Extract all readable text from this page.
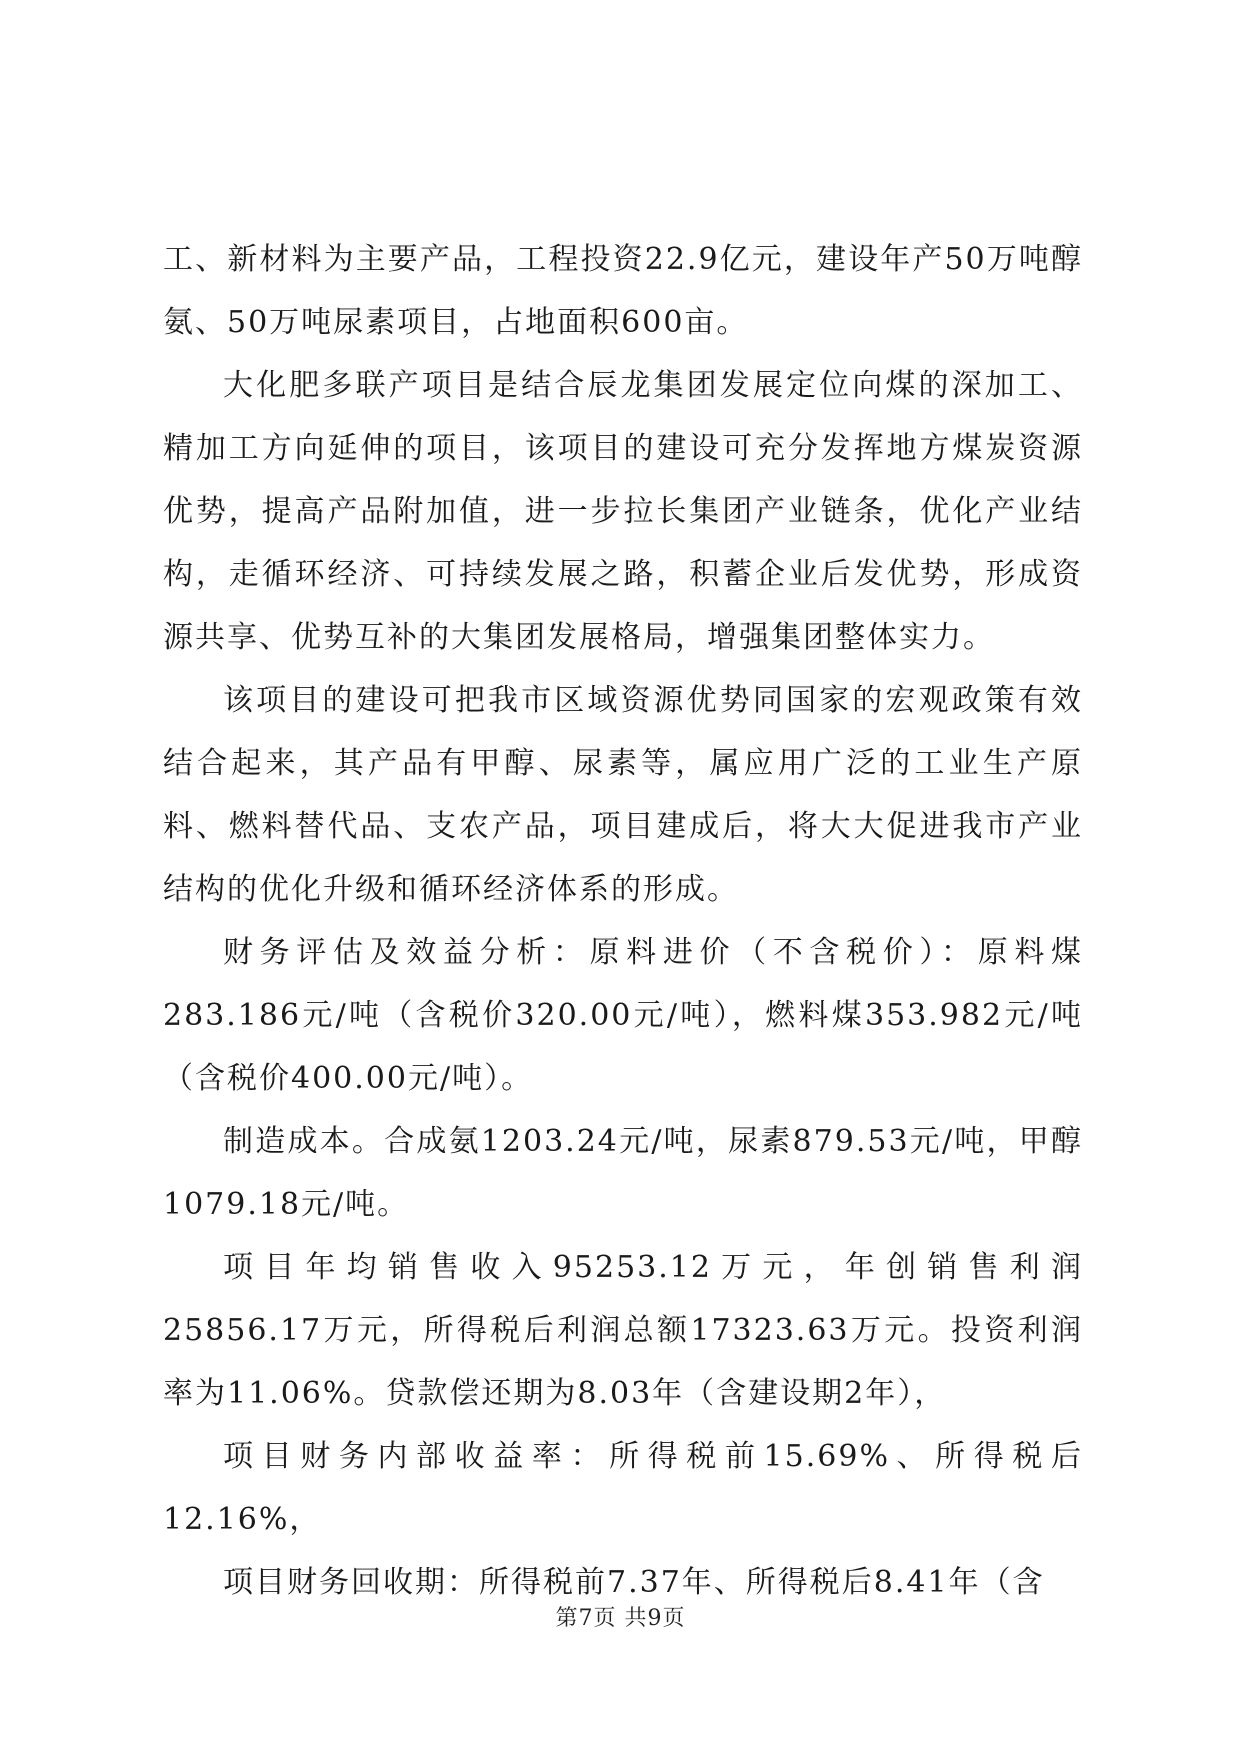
工、新材料为主要产品，工程投资22.9亿元，建设年产50万吨醇氨、50万吨尿素项目，占地面积600亩。

大化肥多联产项目是结合辰龙集团发展定位向煤的深加工、精加工方向延伸的项目，该项目的建设可充分发挥地方煤炭资源优势，提高产品附加值，进一步拉长集团产业链条，优化产业结构，走循环经济、可持续发展之路，积蓄企业后发优势，形成资源共享、优势互补的大集团发展格局，增强集团整体实力。

该项目的建设可把我市区域资源优势同国家的宏观政策有效结合起来，其产品有甲醇、尿素等，属应用广泛的工业生产原料、燃料替代品、支农产品，项目建成后，将大大促进我市产业结构的优化升级和循环经济体系的形成。

财务评估及效益分析：原料进价（不含税价）：原料煤283.186元/吨（含税价320.00元/吨），燃料煤353.982元/吨（含税价400.00元/吨）。

制造成本。合成氨1203.24元/吨，尿素879.53元/吨，甲醇1079.18元/吨。

项目年均销售收入95253.12万元，年创销售利润25856.17万元，所得税后利润总额17323.63万元。投资利润率为11.06%。贷款偿还期为8.03年（含建设期2年），

项目财务内部收益率：所得税前15.69%、所得税后12.16%，

项目财务回收期：所得税前7.37年、所得税后8.41年（含

第7页 共9页
